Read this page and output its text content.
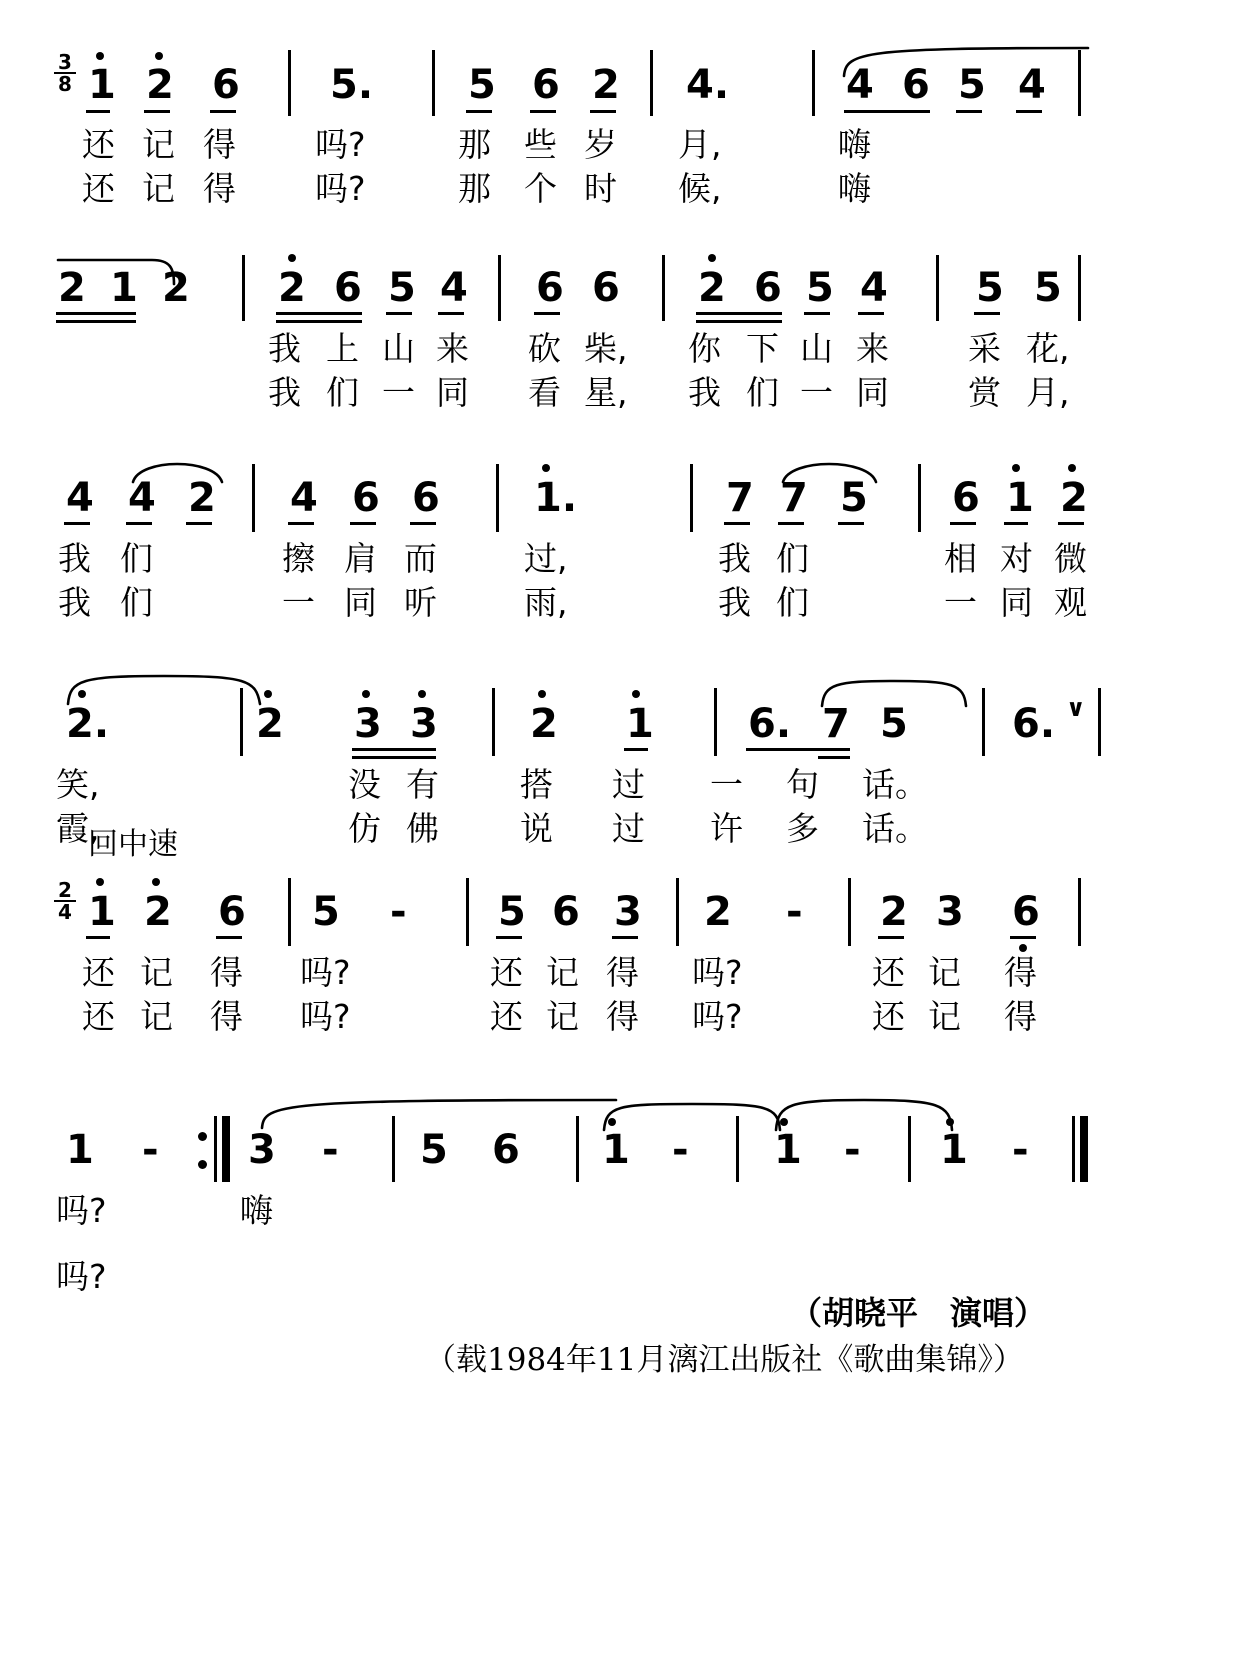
$\frac{3}{8} 1$ 2 6 5. 5 6 2 4.	4 6 5 4
还 记 得 吗?	那 些 岁 月,	嗨
还 记 得 吗?	那 个 时 候,	嗨
2 1 2 2 6 5 4 6 6 2 6 5 4 5 5
我 上 山 来 砍 柴, 你 下 山 来 采 花,
我 们 一 同 看 星, 我 们 一 同 赏 月,
4 4 2 4 6 6 1.	7 7 5 6 1 2
我 们	擦 肩 而	过,	我 们	相 对 微
我 们	一 同 听	雨,	我 们	一 同 观
2.	2 3 3 2 1 6. 7 5	6. ∨
笑,	没 有 搭 过 一 句 话。
霞,	仿 佛 说 过 许 多 话。
回中速
$\frac{2}{4} 1$ 2 6 5 - 5 6 3 2 - 2 3 6
还 记 得 吗?	还 记 得 吗?	还 记 得
还 记 得 吗?	还 记 得 吗?	还 记 得
1 - 3 - 5 6 1 - 1 - 1 -
吗?	嗨
吗?
（胡晓平　演唱）
（载1984年11月漓江出版社《歌曲集锦》）
